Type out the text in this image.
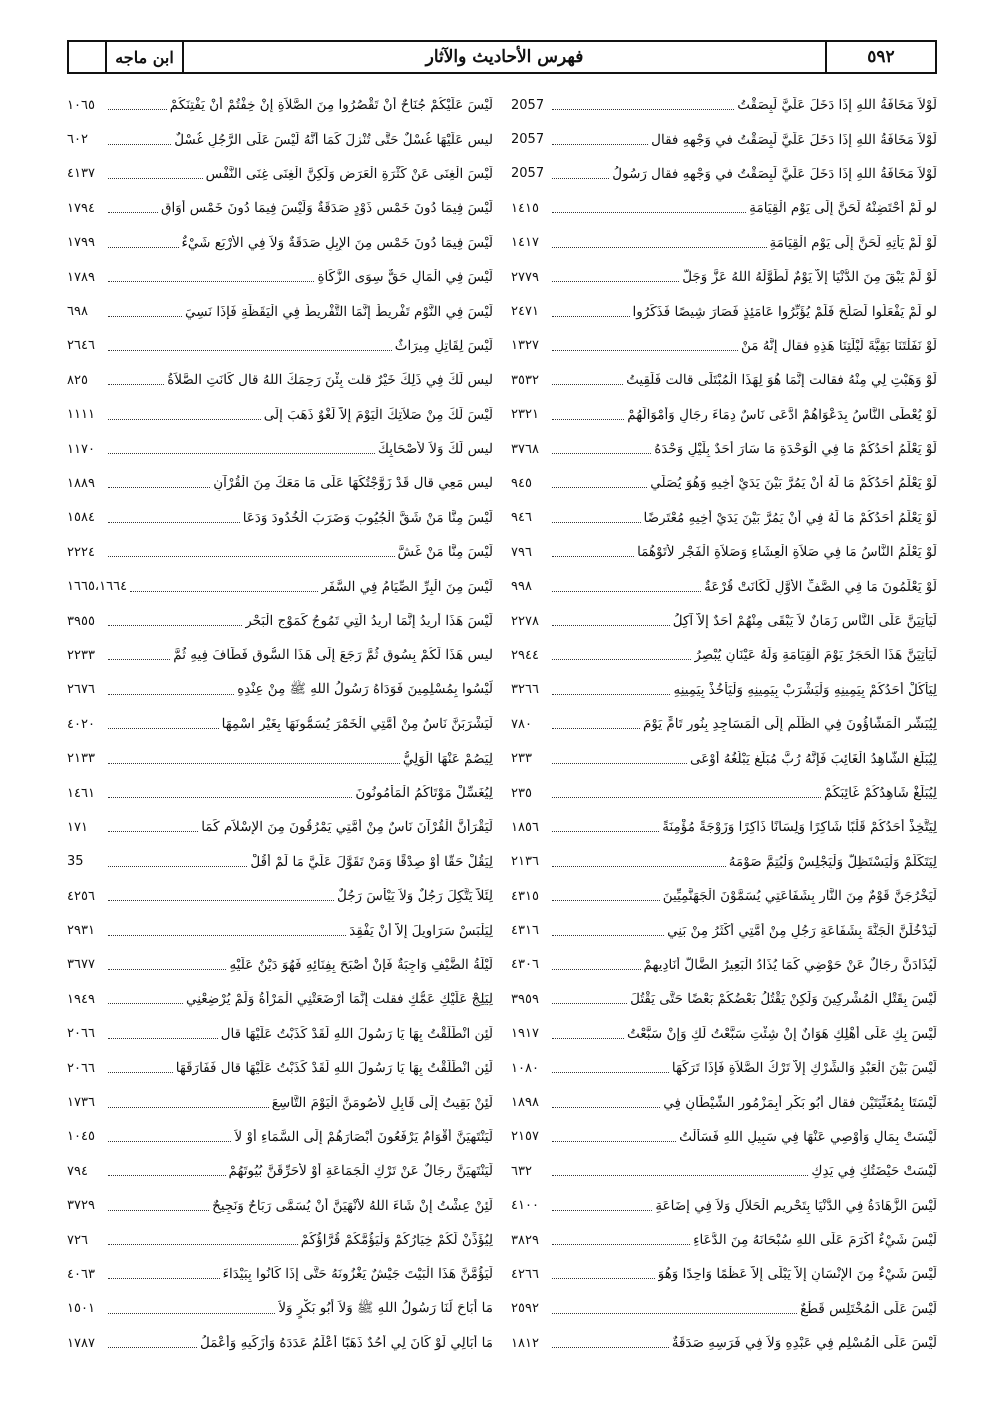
ابن ماجه	فهرس الأحاديث والآثار	٥٩٢
لَيْسَ عَلَيْكُمْ جُنَاحٌ أَنْ تَقْصُرُوا مِنَ الصَّلاَةِ إِنْ خِفْتُمْ أَنْ يَفْتِنَكُمْ
١٠٦٥
ليس عَلَيْهَا غُسْلٌ حَتَّى تُنْزِلَ كَمَا أَنَّهُ لَيْسَ عَلَى الرَّجُلِ غُسْلٌ
٦٠٢
لَيْسَ الْغِنَى عَنْ كَثْرَةِ الْعَرَضِ وَلَكِنَّ الْغِنَى غِنَى النَّفْسِ
٤١٣٧
لَيْسَ فِيمَا دُونَ خَمْسِ ذَوْدٍ صَدَقَةٌ وَلَيْسَ فِيمَا دُونَ خَمْسِ أَوَاقٍ
١٧٩٤
لَيْسَ فِيمَا دُونَ خَمْسٍ مِنَ الإِبِلِ صَدَقَةٌ وَلاَ فِي الأَرْبَعِ شَيْءٌ
١٧٩٩
لَيْسَ فِي الْمَالِ حَقٌّ سِوَى الزَّكَاةِ
١٧٨٩
لَيْسَ فِي النَّوْمِ تَفْرِيطٌ إِنَّمَا التَّفْرِيطُ فِي الْيَقَظَةِ فَإِذَا نَسِيَ
٦٩٨
لَيْسَ لِقَاتِلٍ مِيرَاثٌ
٢٦٤٦
ليس لَكَ فِي ذَلِكَ خَيْرٌ قلت بِئْنَ رَحِمَكَ اللهُ قال كَانَتِ الصَّلاَةُ
٨٢٥
لَيْسَ لَكَ مِنْ صَلاَتِكَ الْيَوْمَ إِلاَّ لَغْوٌ ذَهَبَ إِلَى
١١١١
ليس لَكَ وَلاَ لأَصْحَابِكَ
١١٧٠
ليس مَعِي قال قَدْ زَوَّجْتُكَهَا عَلَى مَا مَعَكَ مِنَ الْقُرْآنِ
١٨٨٩
لَيْسَ مِنَّا مَنْ شَقَّ الْجُيُوبَ وَضَرَبَ الْخُدُودَ وَدَعَا
١٥٨٤
لَيْسَ مِنَّا مَنْ غَشَّ
٢٢٢٤
لَيْسَ مِنَ الْبِرِّ الصِّيَامُ فِي السَّفَرِ
١٦٦٥،١٦٦٤
لَيْسَ هَذَا أُرِيدُ إِنَّمَا أُرِيدُ الَّتِي تَمُوجُ كَمَوْجِ الْبَحْرِ
٣٩٥٥
ليس هَذَا لَكُمْ بِسُوقٍ ثُمَّ رَجَعَ إِلَى هَذَا السُّوقِ فَطَافَ فِيهِ ثُمَّ
٢٢٣٣
لَيْسُوا بِمُسْلِمِينَ فَوَدَاهُ رَسُولُ اللهِ ﷺ مِنْ عِنْدِهِ
٢٦٧٦
لَيَشْرَبَنَّ نَاسٌ مِنْ أُمَّتِي الْخَمْرَ يُسَمُّونَهَا بِغَيْرِ اسْمِهَا
٤٠٢٠
لِيَصُمْ عَنْهَا الْوَلِيُّ
٢١٣٣
لِيُغَسِّلْ مَوْتَاكُمُ الْمَأْمُونُونَ
١٤٦١
لَيَقْرَأَنَّ الْقُرْآنَ نَاسٌ مِنْ أُمَّتِي يَمْرُقُونَ مِنَ الإِسْلاَمِ كَمَا
١٧١
لِيَقُلْ حَقًّا أَوْ صِدْقًا وَمَنْ تَقَوَّلَ عَلَيَّ مَا لَمْ أَقُلْ
35
لِئَلاَّ يَتَّكِلَ رَجُلٌ وَلاَ يَيْأَسَ رَجُلٌ
٤٢٥٦
لِيَلْبَسْ سَرَاوِيلَ إِلاَّ أَنْ يَفْقِدَ
٢٩٣١
لَيْلَةُ الضَّيْفِ وَاجِبَةٌ فَإِنْ أَصْبَحَ بِفِنَائِهِ فَهُوَ دَيْنٌ عَلَيْهِ
٣٦٧٧
لِيَلِجْ عَلَيْكِ عَمُّكِ فقلت إِنَّمَا أَرْضَعَتْنِي الْمَرْأَةُ وَلَمْ يُرْضِعْنِي
١٩٤٩
لَئِنِ انْطَلَقْتُ بِهَا يَا رَسُولَ اللهِ لَقَدْ كَذَبْتُ عَلَيْهَا قال
٢٠٦٦
لَئِنِ انْطَلَقْتُ بِهَا يَا رَسُولَ اللهِ لَقَدْ كَذَبْتُ عَلَيْهَا قال فَفَارَقَهَا
٢٠٦٦
لَئِنْ بَقِيتُ إِلَى قَابِلٍ لأَصُومَنَّ الْيَوْمَ التَّاسِعَ
١٧٣٦
لَيَنْتَهِيَنَّ أَقْوَامٌ يَرْفَعُونَ أَبْصَارَهُمْ إِلَى السَّمَاءِ أَوْ لاَ
١٠٤٥
لَيَنْتَهِيَنَّ رِجَالٌ عَنْ تَرْكِ الْجَمَاعَةِ أَوْ لأُحَرِّقَنَّ بُيُوتَهُمْ
٧٩٤
لَئِنْ عِشْتُ إِنْ شَاءَ اللهُ لأَنْهَيَنَّ أَنْ يُسَمَّى رَبَاحٌ وَنَجِيحٌ
٣٧٢٩
لِيُؤَذِّنْ لَكُمْ خِيَارُكُمْ وَلْيَؤُمَّكُمْ قُرَّاؤُكُمْ
٧٢٦
لَيَؤُمَّنَّ هَذَا الْبَيْتَ جَيْشٌ يَغْزُونَهُ حَتَّى إِذَا كَانُوا بِبَيْدَاءَ
٤٠٦٣
مَا أَبَاحَ لَنَا رَسُولُ اللهِ ﷺ وَلاَ أَبُو بَكْرٍ وَلاَ
١٥٠١
مَا أُبَالِي لَوْ كَانَ لِي أُحُدٌ ذَهَبًا أَعْلَمُ عَدَدَهُ وَأُزَكِّيهِ وَأَعْمَلُ
١٧٨٧
لَوْلاَ مَخَافَةُ اللهِ إِذَا دَخَلَ عَلَيَّ لَبِصَقْتُ
2057
لَوْلاَ مَخَافَةُ اللهِ إِذَا دَخَلَ عَلَيَّ لَبِصَقْتُ في وَجْهِهِ فقال
2057
لَوْلاَ مَخَافَةُ اللهِ إِذَا دَخَلَ عَلَيَّ لَبِصَقْتُ في وَجْهِهِ فقال رَسُولُ
2057
لو لَمْ أَحْتَضِنْهُ لَحَنَّ إِلَى يَوْمِ الْقِيَامَةِ
١٤١٥
لَوْ لَمْ يَأْتِهِ لَحَنَّ إِلَى يَوْمِ الْقِيَامَةِ
١٤١٧
لَوْ لَمْ يَبْقَ مِنَ الدُّنْيَا إِلاَّ يَوْمٌ لَطَوَّلَهُ اللهُ عَزَّ وَجَلَّ
٢٧٧٩
لو لَمْ يَفْعَلُوا لَصَلُحَ فَلَمْ يُؤَبِّرُوا عَامَئِذٍ فَصَارَ شِيصًا فَذَكَرُوا
٢٤٧١
لَوْ نَفَلْتَنَا بَقِيَّةَ لَيْلَتِنَا هَذِهِ فقال إِنَّهُ مَنْ
١٣٢٧
لَوْ وَهَبْتِ لِي مِنْهُ فقالت إِنَّمَا هُوَ لِهَذَا الْمُبْتَلَى قالت فَلَقِيتُ
٣٥٣٢
لَوْ يُعْطَى النَّاسُ بِدَعْوَاهُمْ ادَّعَى نَاسٌ دِمَاءَ رِجَالٍ وَأَمْوَالَهُمْ
٢٣٢١
لَوْ يَعْلَمُ أَحَدُكُمْ مَا فِي الْوَحْدَةِ مَا سَارَ أَحَدٌ بِلَيْلٍ وَحْدَهُ
٣٧٦٨
لَوْ يَعْلَمُ أَحَدُكُمْ مَا لَهُ أَنْ يَمُرَّ بَيْنَ يَدَيْ أَخِيهِ وَهُوَ يُصَلِّي
٩٤٥
لَوْ يَعْلَمُ أَحَدُكُمْ مَا لَهُ فِي أَنْ يَمُرَّ بَيْنَ يَدَيْ أَخِيهِ مُعْتَرِضًا
٩٤٦
لَوْ يَعْلَمُ النَّاسُ مَا فِي صَلاَةِ الْعِشَاءِ وَصَلاَةِ الْفَجْرِ لأَتَوْهُمَا
٧٩٦
لَوْ يَعْلَمُونَ مَا فِي الصَّفِّ الأَوَّلِ لَكَانَتْ قُرْعَةٌ
٩٩٨
لَيَأْتِيَنَّ عَلَى النَّاسِ زَمَانٌ لاَ يَبْقَى مِنْهُمْ أَحَدٌ إِلاَّ آكِلُ
٢٢٧٨
لَيَأْتِيَنَّ هَذَا الْحَجَرُ يَوْمَ الْقِيَامَةِ وَلَهُ عَيْنَانِ يُبْصِرُ
٢٩٤٤
لِيَأْكُلْ أَحَدُكُمْ بِيَمِينِهِ وَلْيَشْرَبْ بِيَمِينِهِ وَلْيَأْخُذْ بِيَمِينِهِ
٣٢٦٦
لِيُبَشَّرِ الْمَشَّاؤُونَ فِي الظُّلَمِ إِلَى الْمَسَاجِدِ بِنُورٍ تَامٍّ يَوْمَ
٧٨٠
لِيُبَلِّغِ الشَّاهِدُ الْغَائِبَ فَإِنَّهُ رُبَّ مُبَلَّغٍ يَبْلُغُهُ أَوْعَى
٢٣٣
لِيُبَلِّغْ شَاهِدُكُمْ غَائِبَكُمْ
٢٣٥
لِيَتَّخِذْ أَحَدُكُمْ قَلْبًا شَاكِرًا وَلِسَانًا ذَاكِرًا وَزَوْجَةً مُؤْمِنَةً
١٨٥٦
لِيَتَكَلَّمْ وَلْيَسْتَظِلَّ وَلْيَجْلِسْ وَلْيُتِمَّ صَوْمَهُ
٢١٣٦
لَيَخْرُجَنَّ قَوْمٌ مِنَ النَّارِ بِشَفَاعَتِي يُسَمَّوْنَ الْجَهَنَّمِيِّينَ
٤٣١٥
لَيَدْخُلَنَّ الْجَنَّةَ بِشَفَاعَةِ رَجُلٍ مِنْ أُمَّتِي أَكْثَرُ مِنْ بَنِي
٤٣١٦
لَيُذَادَنَّ رِجَالٌ عَنْ حَوْضِي كَمَا يُذَادُ الْبَعِيرُ الضَّالُّ أُنَادِيهِمْ
٤٣٠٦
لَيْسَ بِقَتْلِ الْمُشْرِكِينَ وَلَكِنْ يَقْتُلُ بَعْضُكُمْ بَعْضًا حَتَّى يَقْتُلَ
٣٩٥٩
لَيْسَ بِكِ عَلَى أَهْلِكِ هَوَانٌ إِنْ شِئْتِ سَبَّعْتُ لَكِ وَإِنْ سَبَّعْتُ
١٩١٧
لَيْسَ بَيْنَ الْعَبْدِ وَالشِّرْكِ إِلاَّ تَرْكُ الصَّلاَةِ فَإِذَا تَرَكَهَا
١٠٨٠
لَيْسَتَا بِمُغَنِّيَتَيْنِ فقال أَبُو بَكْرٍ أَبِمَزْمُورِ الشَّيْطَانِ فِي
١٨٩٨
لَيْسَتْ بِمَالٍ وَأَوْصِي عَنْهَا فِي سَبِيلِ اللهِ فَسَأَلْتُ
٢١٥٧
لَيْسَتْ حَيْضَتُكِ فِي يَدِكِ
٦٣٢
لَيْسَ الزَّهَادَةُ فِي الدُّنْيَا بِتَحْرِيمِ الْحَلاَلِ وَلاَ فِي إِضَاعَةِ
٤١٠٠
لَيْسَ شَيْءٌ أَكْرَمَ عَلَى اللهِ سُبْحَانَهُ مِنَ الدُّعَاءِ
٣٨٢٩
لَيْسَ شَيْءٌ مِنَ الإِنْسَانِ إِلاَّ يَبْلَى إِلاَّ عَظْمًا وَاحِدًا وَهُوَ
٤٢٦٦
لَيْسَ عَلَى الْمُخْتَلِسِ قَطْعٌ
٢٥٩٢
لَيْسَ عَلَى الْمُسْلِمِ فِي عَبْدِهِ وَلاَ فِي فَرَسِهِ صَدَقَةٌ
١٨١٢
